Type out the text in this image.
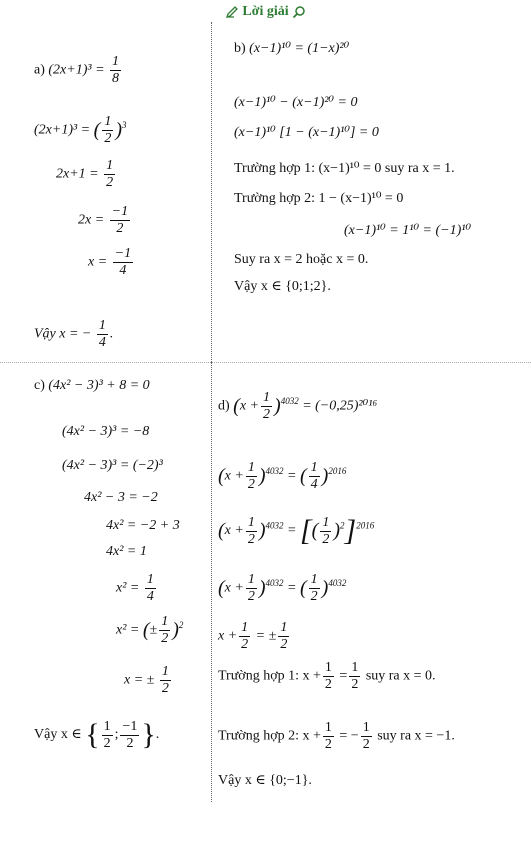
Lời giải
a) $(2x+1)^3 = \frac{1}{8}$
(2x+1)³ = ( $\frac{1}{2} )^3$
$2x+1 = \frac{1}{2}$
$2x = \frac{-1}{2}$
$x = \frac{-1}{4}$
Vậy x = − $\frac{1}{4}$ .
b) (x−1)¹⁰ = (1−x)²⁰
(x−1)¹⁰ − (x−1)²⁰ = 0
(x−1)¹⁰ [1 − (x−1)¹⁰] = 0
Trường hợp 1: (x−1)¹⁰ = 0 suy ra x = 1.
Trường hợp 2: 1 − (x−1)¹⁰ = 0
(x−1)¹⁰ = 1¹⁰ = (−1)¹⁰
Suy ra x = 2 hoặc x = 0.
Vậy x ∈ {0;1;2}.
c) (4x² − 3)³ + 8 = 0
(4x² − 3)³ = −8
(4x² − 3)³ = (−2)³
4x² − 3 = −2
4x² = −2 + 3
4x² = 1
$x^2 = \frac{1}{4}$
x² = (± $\frac{1}{2} )^2$
x = ± $\frac{1}{2}$
Vậy x ∈ { $\frac{1}{2}$ ; $\frac{-1}{2}$ }.
d) $(x + \frac{1}{2} )^{4032} = (-0,25)^{2016}$
$(x + \frac{1}{2} )^{4032}$ = ( $\frac{1}{4} )^{2016}$
$(x + \frac{1}{2} )^{4032}$ = [( $\frac{1}{2} )^2]^{2016}$
$(x + \frac{1}{2} )^{4032}$ = ( $\frac{1}{2} )^{4032}$
$x + \frac{1}{2}$ = ± $\frac{1}{2}$
Trường hợp 1: $x + \frac{1}{2} = \frac{1}{2}$ suy ra x = 0.
Trường hợp 2: $x + \frac{1}{2}$ = − $\frac{1}{2}$ suy ra x = −1.
Vậy x ∈ {0;−1}.
